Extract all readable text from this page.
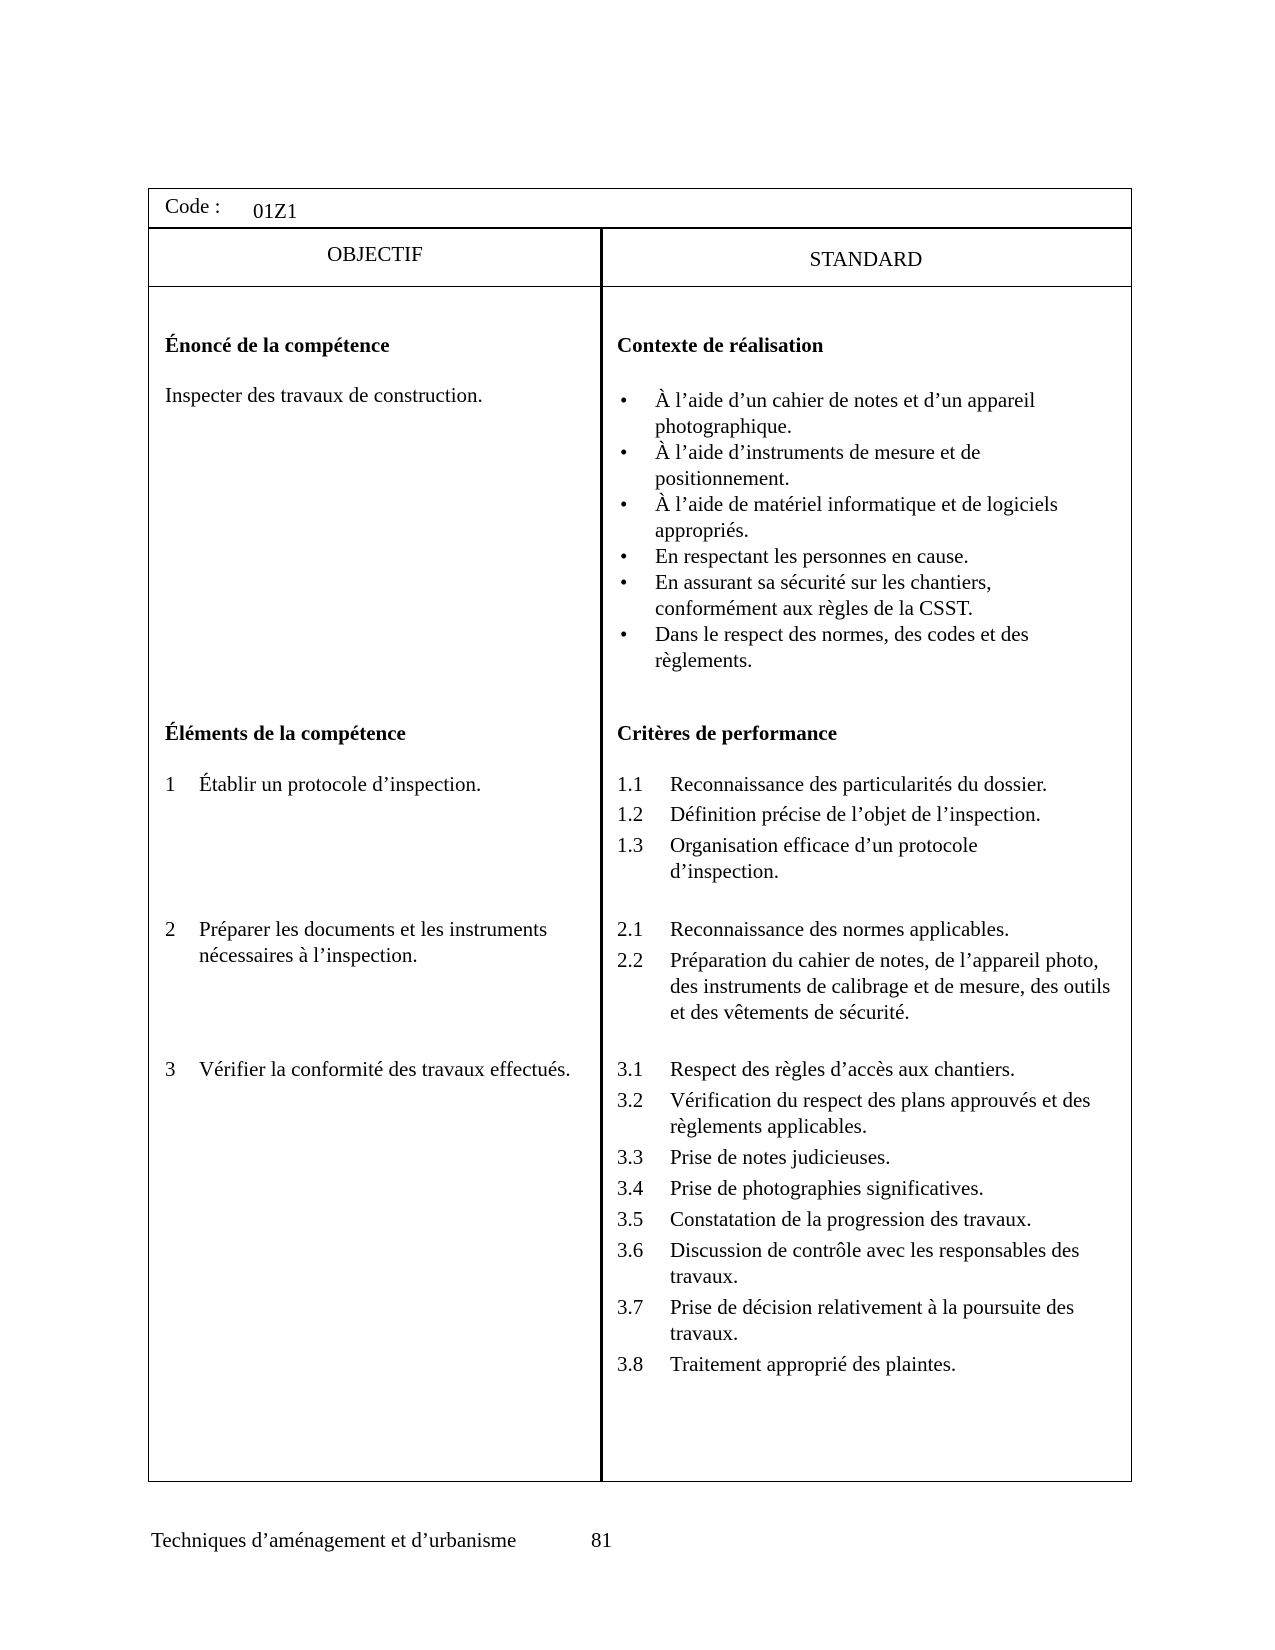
Code : 01Z1
OBJECTIF	STANDARD
Énoncé de la compétence
Inspecter des travaux de construction.
Éléments de la compétence
1 Établir un protocole d’inspection.
2 Préparer les documents et les instruments nécessaires à l’inspection.
3 Vérifier la conformité des travaux effectués.
Contexte de réalisation
• À l’aide d’un cahier de notes et d’un appareil photographique.
• À l’aide d’instruments de mesure et de positionnement.
• À l’aide de matériel informatique et de logiciels appropriés.
• En respectant les personnes en cause.
• En assurant sa sécurité sur les chantiers, conformément aux règles de la CSST.
• Dans le respect des normes, des codes et des règlements.
Critères de performance
1.1 Reconnaissance des particularités du dossier.
1.2 Définition précise de l’objet de l’inspection.
1.3 Organisation efficace d’un protocole d’inspection.
2.1 Reconnaissance des normes applicables.
2.2 Préparation du cahier de notes, de l’appareil photo, des instruments de calibrage et de mesure, des outils et des vêtements de sécurité.
3.1 Respect des règles d’accès aux chantiers.
3.2 Vérification du respect des plans approuvés et des règlements applicables.
3.3 Prise de notes judicieuses.
3.4 Prise de photographies significatives.
3.5 Constatation de la progression des travaux.
3.6 Discussion de contrôle avec les responsables des travaux.
3.7 Prise de décision relativement à la poursuite des travaux.
3.8 Traitement approprié des plaintes.
Techniques d’aménagement et d’urbanisme	81
